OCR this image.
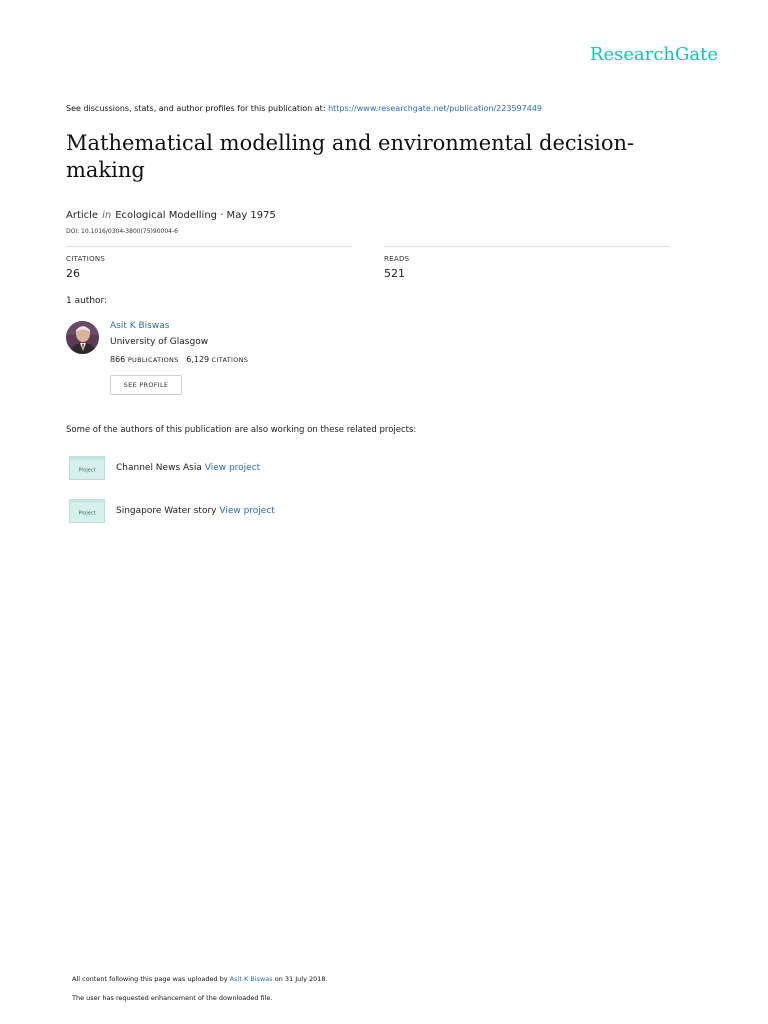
ResearchGate
See discussions, stats, and author profiles for this publication at: https://www.researchgate.net/publication/223597449
Mathematical modelling and environmental decision-making
Article in Ecological Modelling · May 1975
DOI: 10.1016/0304-3800(75)90004-6
CITATIONS
26
READS
521
1 author:
Asit K Biswas
University of Glasgow
866 PUBLICATIONS 6,129 CITATIONS
SEE PROFILE
Some of the authors of this publication are also working on these related projects:
Project Channel News Asia View project
Project Singapore Water story View project
All content following this page was uploaded by Asit K Biswas on 31 July 2018.
The user has requested enhancement of the downloaded file.
